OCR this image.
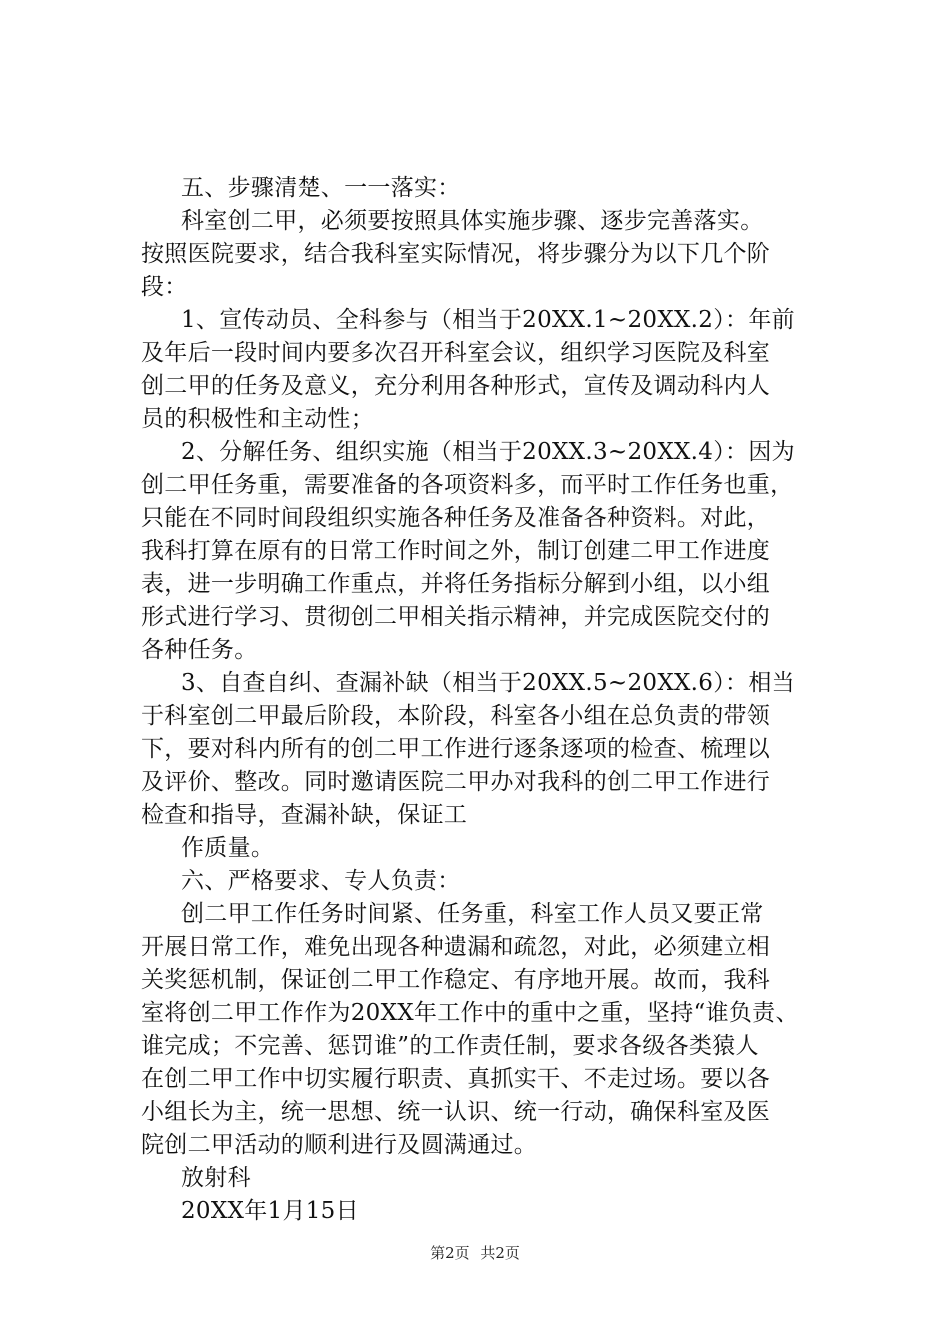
五、步骤清楚、一一落实：
科室创二甲，必须要按照具体实施步骤、逐步完善落实。
按照医院要求，结合我科室实际情况，将步骤分为以下几个阶
段：
1、宣传动员、全科参与（相当于20XX.1~20XX.2）：年前
及年后一段时间内要多次召开科室会议，组织学习医院及科室
创二甲的任务及意义，充分利用各种形式，宣传及调动科内人
员的积极性和主动性；
2、分解任务、组织实施（相当于20XX.3~20XX.4）：因为
创二甲任务重，需要准备的各项资料多，而平时工作任务也重，
只能在不同时间段组织实施各种任务及准备各种资料。对此，
我科打算在原有的日常工作时间之外，制订创建二甲工作进度
表，进一步明确工作重点，并将任务指标分解到小组，以小组
形式进行学习、贯彻创二甲相关指示精神，并完成医院交付的
各种任务。
3、自查自纠、查漏补缺（相当于20XX.5~20XX.6）：相当
于科室创二甲最后阶段，本阶段，科室各小组在总负责的带领
下，要对科内所有的创二甲工作进行逐条逐项的检查、梳理以
及评价、整改。同时邀请医院二甲办对我科的创二甲工作进行
检查和指导，查漏补缺，保证工
作质量。
六、严格要求、专人负责：
创二甲工作任务时间紧、任务重，科室工作人员又要正常
开展日常工作，难免出现各种遗漏和疏忽，对此，必须建立相
关奖惩机制，保证创二甲工作稳定、有序地开展。故而，我科
室将创二甲工作作为20XX年工作中的重中之重，坚持“谁负责、
谁完成；不完善、惩罚谁”的工作责任制，要求各级各类猿人
在创二甲工作中切实履行职责、真抓实干、不走过场。要以各
小组长为主，统一思想、统一认识、统一行动，确保科室及医
院创二甲活动的顺利进行及圆满通过。
放射科
20XX年1月15日
第2页 共2页
